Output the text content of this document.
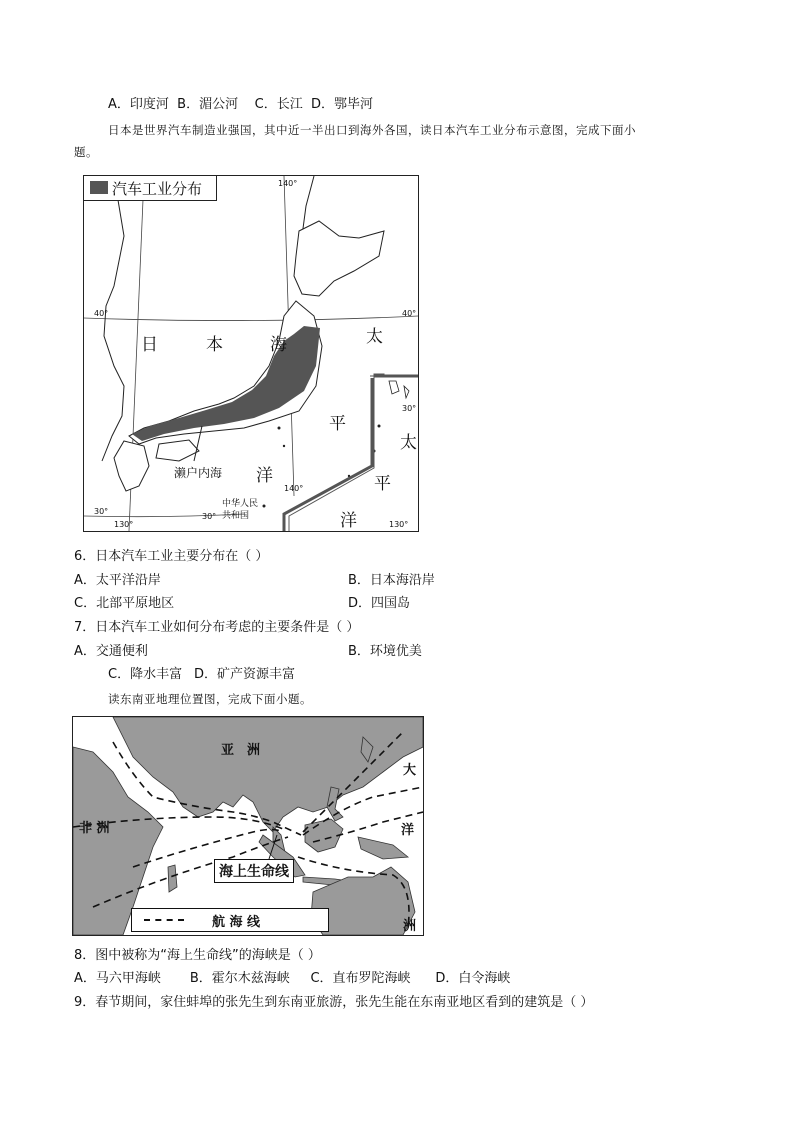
A．印度河 B．湄公河 C．长江 D．鄂毕河
日本是世界汽车制造业强国，其中近一半出口到海外各国，读日本汽车工业分布示意图，完成下面小
题。
汽车工业分布
日	本	海	太
平
洋
太
平
洋
濑户内海
中华人民
共和国
140°
140°
130°	130°
40°	40°
30°
30°
30°
6．日本汽车工业主要分布在（ ）
A．太平洋沿岸	B．日本海沿岸
C．北部平原地区	D．四国岛
7．日本汽车工业如何分布考虑的主要条件是（ ）
A．交通便利	B．环境优美
C．降水丰富 D．矿产资源丰富
读东南亚地理位置图，完成下面小题。
亚　洲
非 洲
大
洋
洲
海上生命线
航 海 线
8．图中被称为“海上生命线”的海峡是（ ）
A．马六甲海峡 B．霍尔木兹海峡 C．直布罗陀海峡 D．白令海峡
9．春节期间，家住蚌埠的张先生到东南亚旅游，张先生能在东南亚地区看到的建筑是（ ）
